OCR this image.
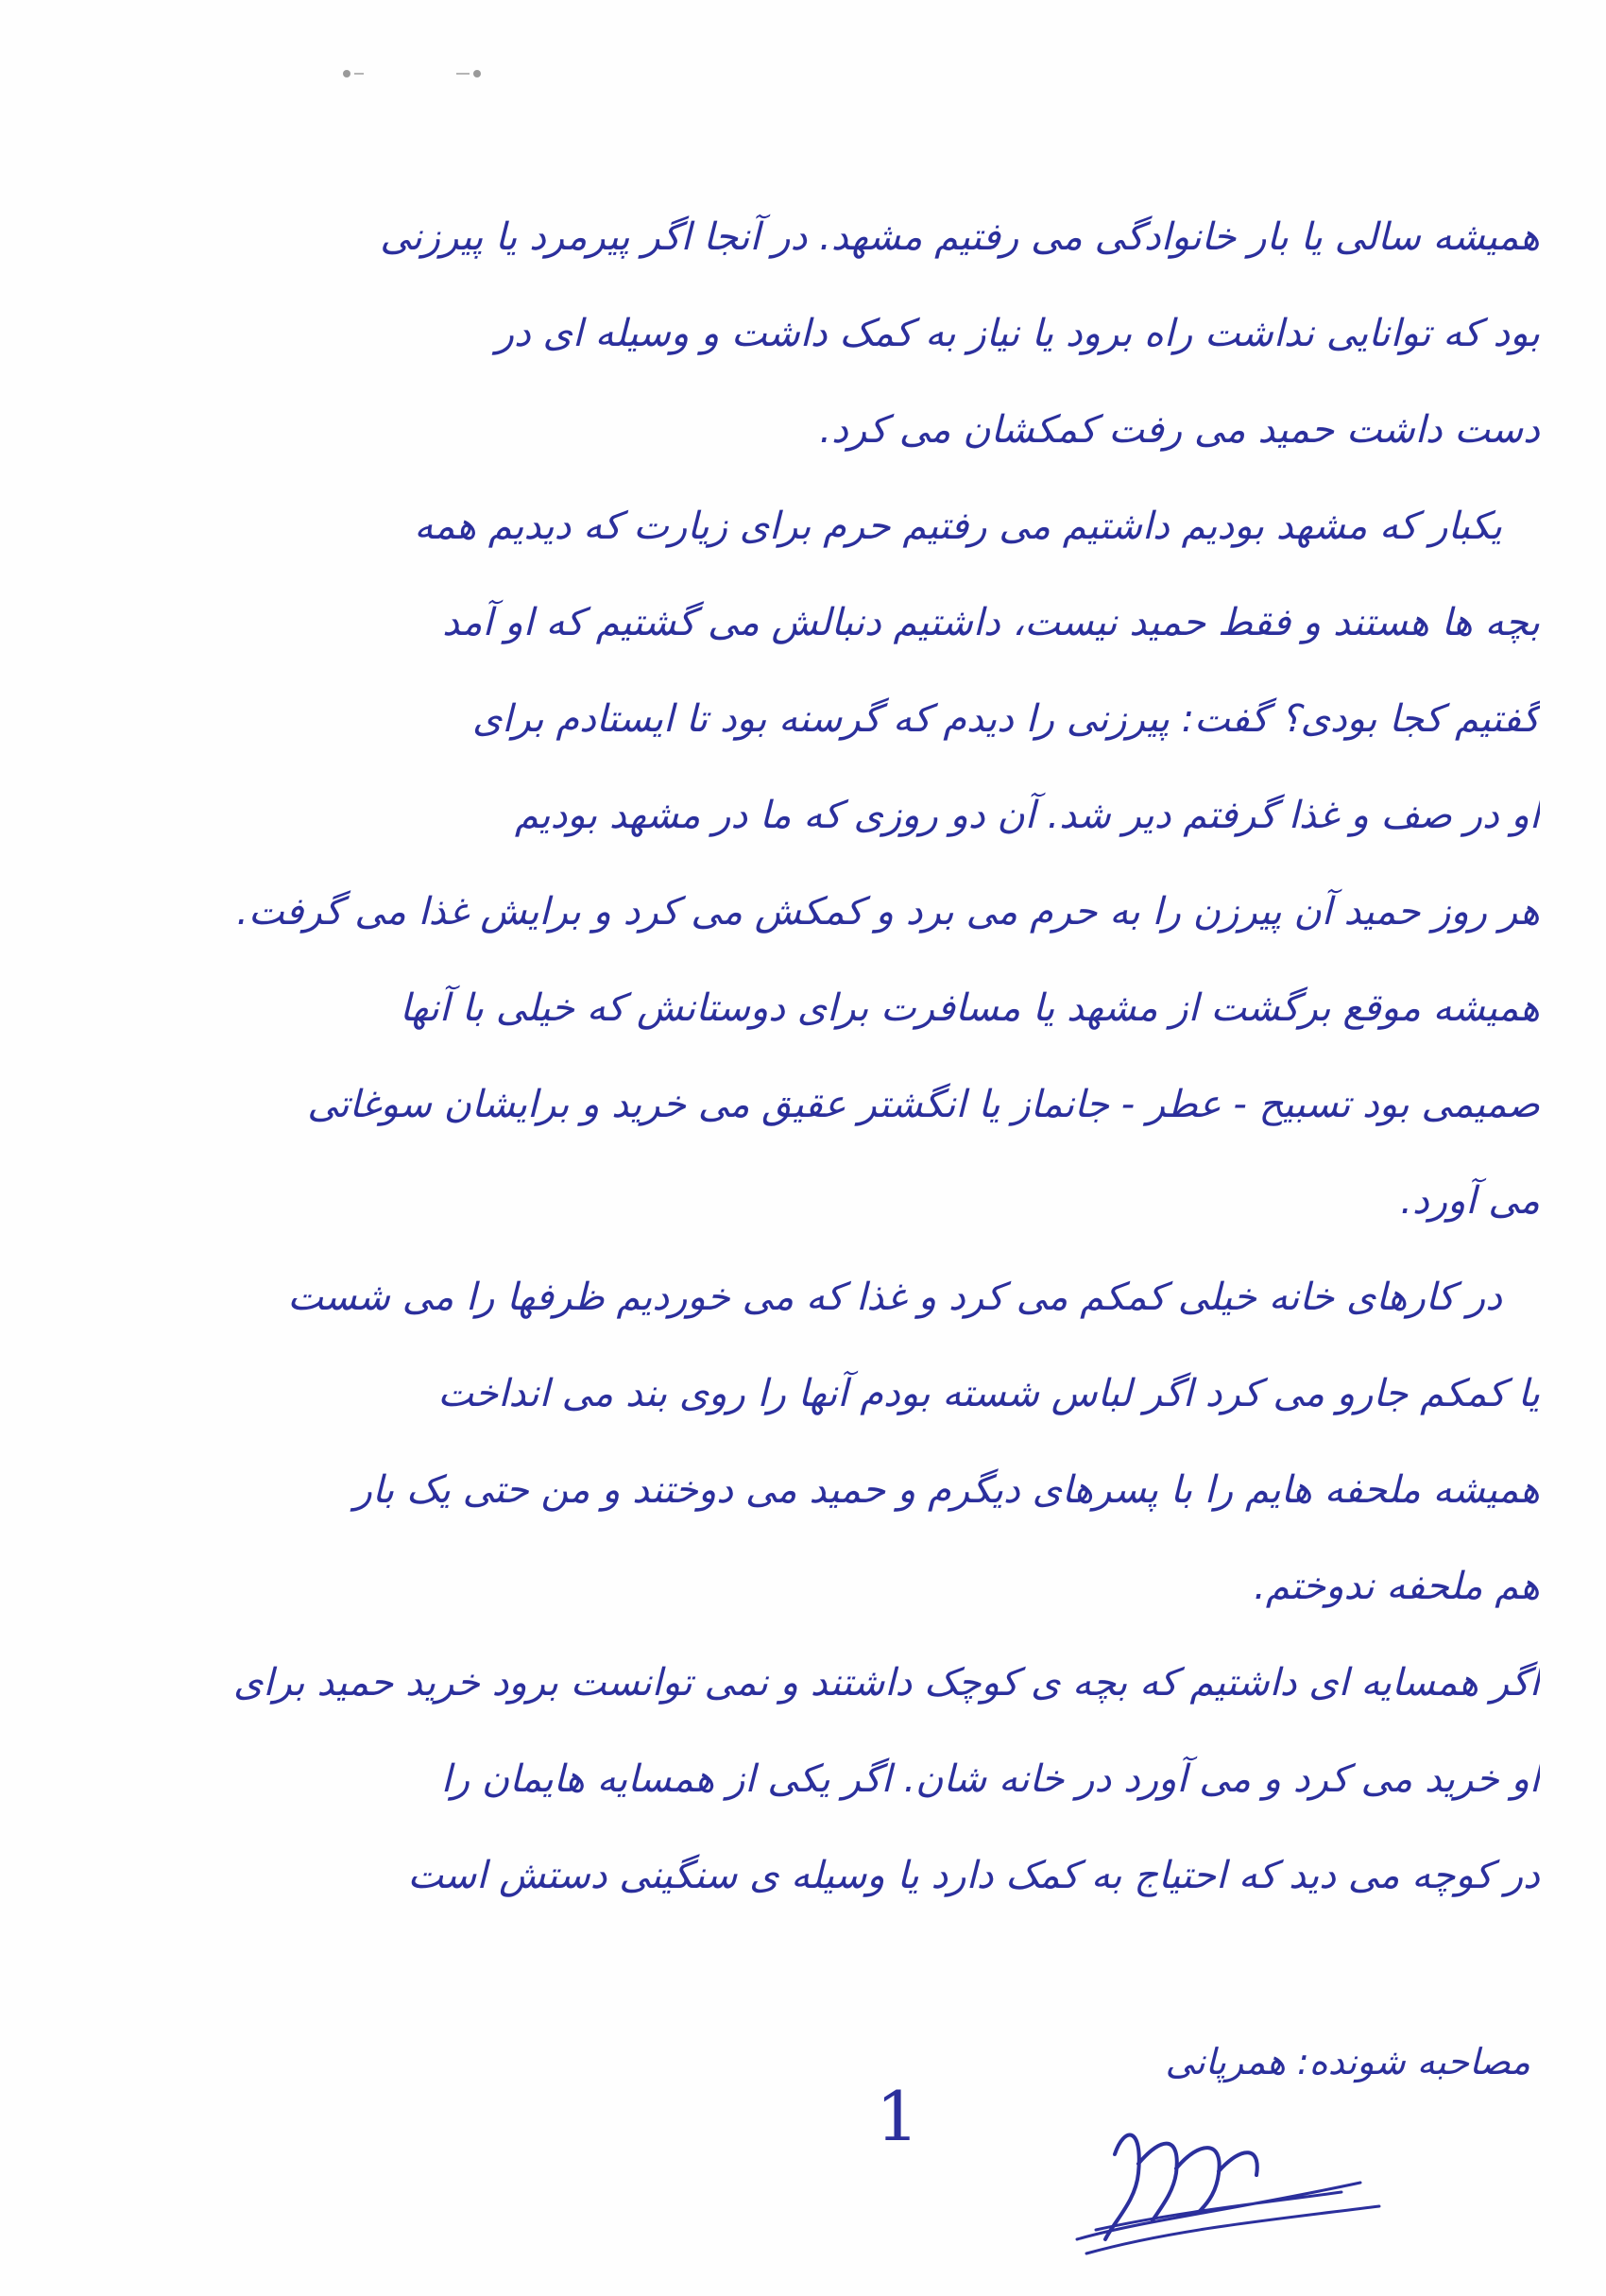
همیشه سالی یا بار خانوادگی می رفتیم مشهد. در آنجا اگر پیرمرد یا پیرزنی
بود که توانایی نداشت راه برود یا نیاز به کمک داشت و وسیله ای در
دست داشت حمید می رفت کمکشان می کرد.
یکبار که مشهد بودیم داشتیم می رفتیم حرم برای زیارت که دیدیم همه
بچه ها هستند و فقط حمید نیست، داشتیم دنبالش می گشتیم که او آمد
گفتیم کجا بودی؟ گفت: پیرزنی را دیدم که گرسنه بود تا ایستادم برای
او در صف و غذا گرفتم دیر شد. آن دو روزی که ما در مشهد بودیم
هر روز حمید آن پیرزن را به حرم می برد و کمکش می کرد و برایش غذا می گرفت.
همیشه موقع برگشت از مشهد یا مسافرت برای دوستانش که خیلی با آنها
صمیمی بود تسبیح - عطر - جانماز یا انگشتر عقیق می خرید و برایشان سوغاتی
می آورد.
در کارهای خانه خیلی کمکم می کرد و غذا که می خوردیم ظرفها را می شست
یا کمکم جارو می کرد اگر لباس شسته بودم آنها را روی بند می انداخت
همیشه ملحفه هایم را با پسرهای دیگرم و حمید می دوختند و من حتی یک بار
هم ملحفه ندوختم.
اگر همسایه ای داشتیم که بچه ی کوچک داشتند و نمی توانست برود خرید حمید برای
او خرید می کرد و می آورد در خانه شان. اگر یکی از همسایه هایمان را
در کوچه می دید که احتیاج به کمک دارد یا وسیله ی سنگینی دستش است
مصاحبه شونده: همرپانی
1
